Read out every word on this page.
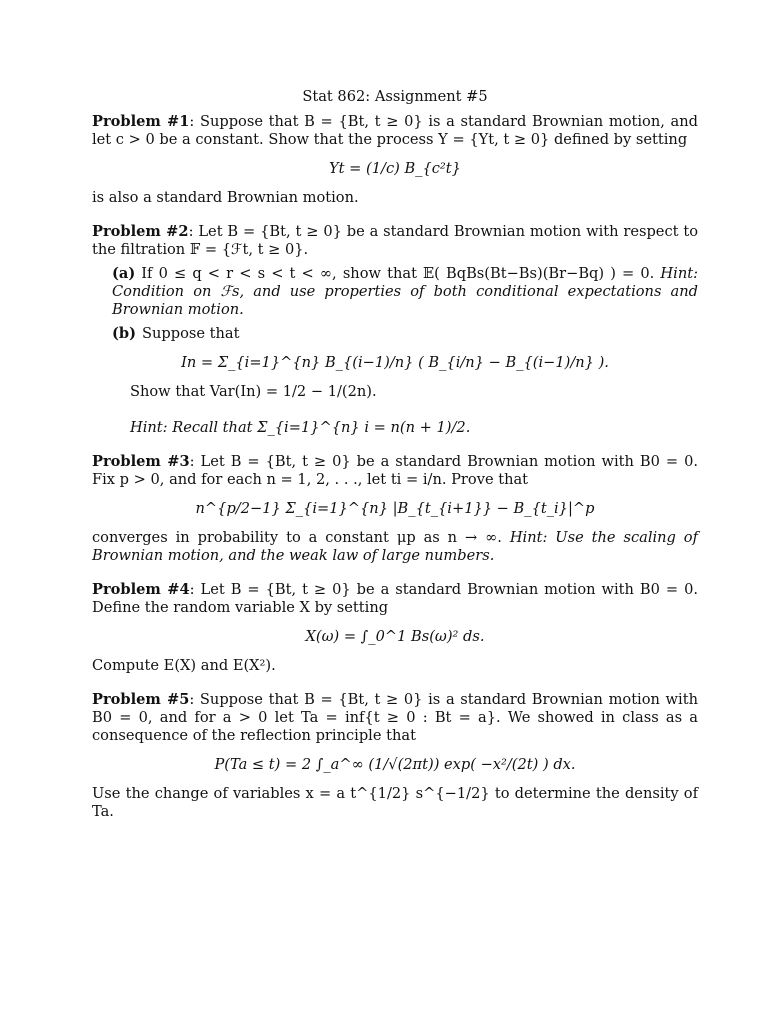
Stat 862: Assignment #5

Problem #1: Suppose that B = {Bt, t ≥ 0} is a standard Brownian motion, and let c > 0 be a constant. Show that the process Y = {Yt, t ≥ 0} defined by setting

Yt = (1/c) B_{c²t}

is also a standard Brownian motion.

Problem #2: Let B = {Bt, t ≥ 0} be a standard Brownian motion with respect to the filtration 𝔽 = {ℱt, t ≥ 0}.

(a) If 0 ≤ q < r < s < t < ∞, show that 𝔼( BqBs(Bt−Bs)(Br−Bq) ) = 0. Hint: Condition on ℱs, and use properties of both conditional expectations and Brownian motion.
(b) Suppose that
In = Σ_{i=1}^{n} B_{(i−1)/n} ( B_{i/n} − B_{(i−1)/n} ).
Show that Var(In) = 1/2 − 1/(2n).
Hint: Recall that Σ_{i=1}^{n} i = n(n + 1)/2.

Problem #3: Let B = {Bt, t ≥ 0} be a standard Brownian motion with B0 = 0. Fix p > 0, and for each n = 1, 2, . . ., let ti = i/n. Prove that

n^{p/2−1} Σ_{i=1}^{n} |B_{t_{i+1}} − B_{t_i}|^p

converges in probability to a constant μp as n → ∞. Hint: Use the scaling of Brownian motion, and the weak law of large numbers.

Problem #4: Let B = {Bt, t ≥ 0} be a standard Brownian motion with B0 = 0. Define the random variable X by setting

X(ω) = ∫_0^1 Bs(ω)² ds.

Compute E(X) and E(X²).

Problem #5: Suppose that B = {Bt, t ≥ 0} is a standard Brownian motion with B0 = 0, and for a > 0 let Ta = inf{t ≥ 0 : Bt = a}. We showed in class as a consequence of the reflection principle that

P(Ta ≤ t) = 2 ∫_a^∞ (1/√(2πt)) exp( −x²/(2t) ) dx.

Use the change of variables x = a t^{1/2} s^{−1/2} to determine the density of Ta.
